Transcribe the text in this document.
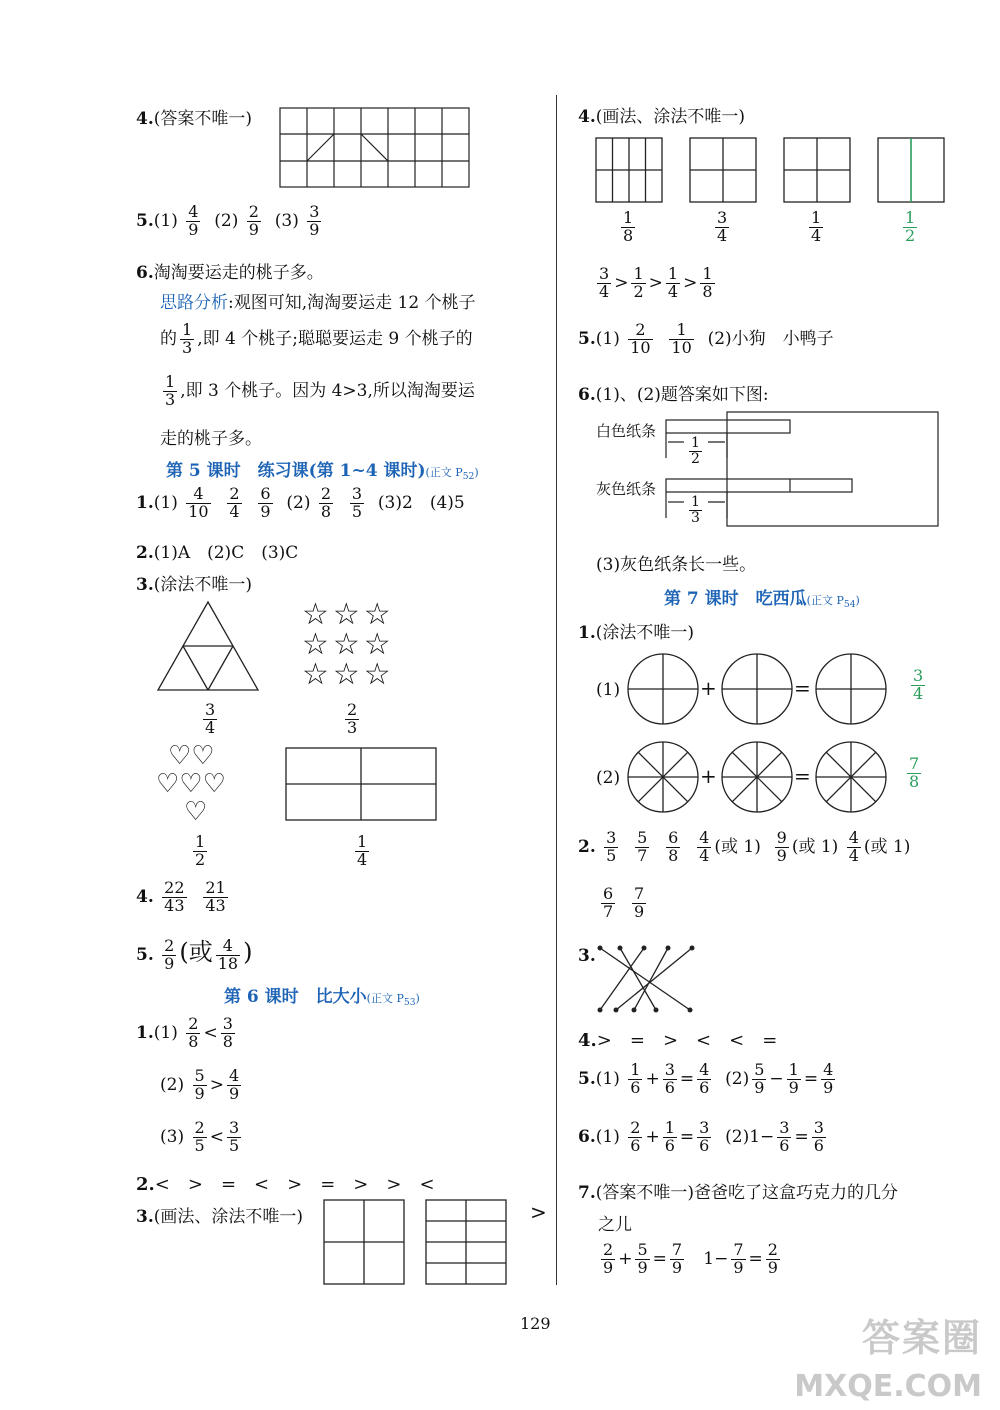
4.(答案不唯一)
$5.(1) \frac{4}{9} (2) \frac{2}{9} (3) \frac{3}{9}$
6.淘淘要运走的桃子多。
思路分析:观图可知,淘淘要运走 12 个桃子
的 $\frac{1}{3}$ ,即 4 个桃子;聪聪要运走 9 个桃子的
$\frac{1}{3}$ ,即 3 个桃子。因为 4>3,所以淘淘要运
走的桃子多。
第 5 课时　练习课(第 1~4 课时)(正文 $P_{52}$)
$1.(1) \frac{4}{10}$
$\frac{2}{4}$
$\frac{6}{9} (2) \frac{2}{8}$
$\frac{3}{5} (3)2$　(4)5
2.(1)A　(2)C　(3)C
3.(涂法不唯一)
$\frac{3}{4}$
☆☆☆
☆☆☆
☆☆☆
$\frac{2}{3}$
♡♡
♡♡♡
♡
$\frac{1}{2}$	$\frac{1}{4}$
4. $\frac{22}{43}$
$\frac{21}{43}$
5. $\frac{2}{9}$ (或 $\frac{4}{18}$ )
第 6 课时　比大小(正文 $P_{53}$)
$1.(1) \frac{2}{8} < \frac{3}{8}$
$(2) \frac{5}{9} > \frac{4}{9}$
$(3) \frac{2}{5} < \frac{3}{5}$
2.<　>　=　<　>　=　>　>　<
3.(画法、涂法不唯一)	>
4.(画法、涂法不唯一)
$\frac{1}{8}$	$\frac{3}{4}$	$\frac{1}{4}$	$\frac{1}{2}$
$\frac{3}{4} > \frac{1}{2} > \frac{1}{4} > \frac{1}{8}$
$5.(1) \frac{2}{10}$
$\frac{1}{10} (2)$小狗　小鸭子
6.(1)、(2)题答案如下图:
白色纸条
灰色纸条
$\frac{1}{2}$
$\frac{1}{3}$
(3)灰色纸条长一些。
第 7 课时　吃西瓜(正文 $P_{54}$)
1.(涂法不唯一)
(1)	+	=	$\frac{3}{4}$
(2)	+	=	$\frac{7}{8}$
2. $\frac{3}{5}$
$\frac{5}{7}$
$\frac{6}{8}$
$\frac{4}{4}$ (或 $1) \frac{9}{9}$ (或 $1) \frac{4}{4}$ (或 1)
$\frac{6}{7}$
$\frac{7}{9}$
3.
4.>　=　>　<　<　=
$5.(1) \frac{1}{6} + \frac{3}{6} = \frac{4}{6} (2) \frac{5}{9} - \frac{1}{9} = \frac{4}{9}$
$6.(1) \frac{2}{6} + \frac{1}{6} = \frac{3}{6} (2)1- \frac{3}{6} = \frac{3}{6}$
7.(答案不唯一)爸爸吃了这盒巧克力的几分
之儿
$\frac{2}{9} + \frac{5}{9} = \frac{7}{9} 1- \frac{7}{9} = \frac{2}{9}$
129	答案圈
MXQE.COM
